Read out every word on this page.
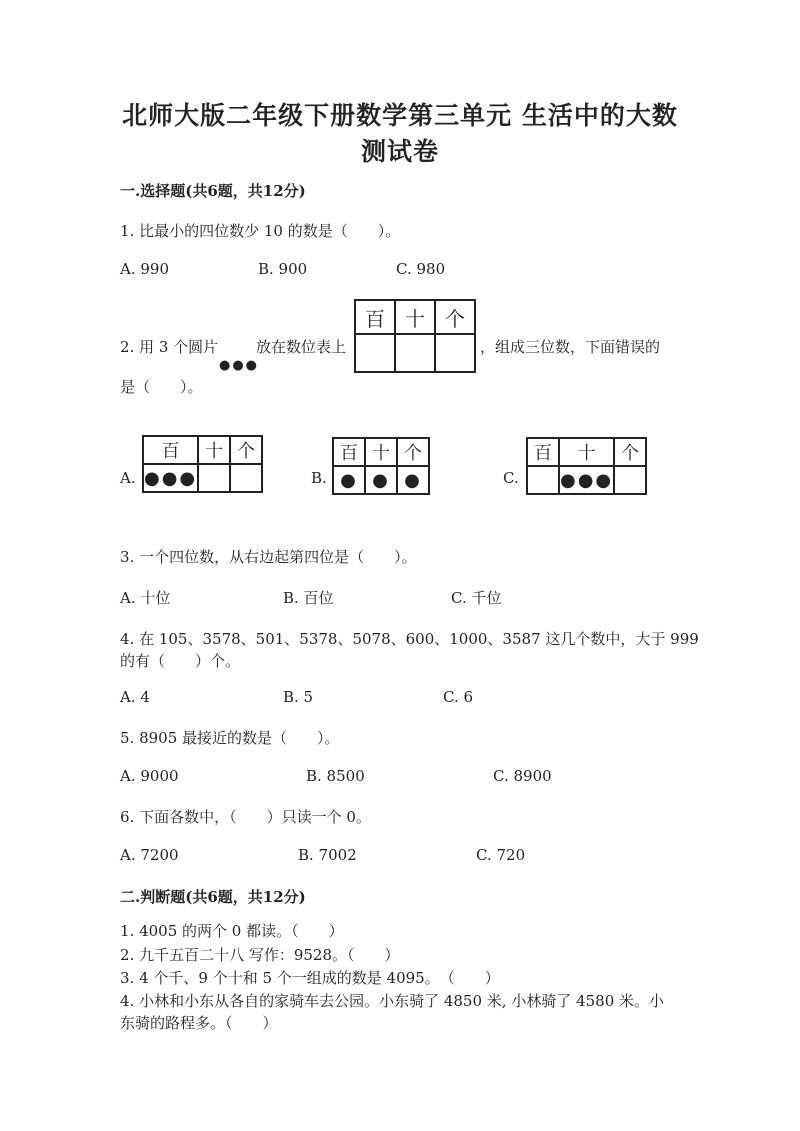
北师大版二年级下册数学第三单元 生活中的大数
测试卷
一.选择题(共6题，共12分)
1. 比最小的四位数少 10 的数是（　　）。
A. 990	B. 900	C. 980
2. 用 3 个圆片
●●●
放在数位表上
百	十	个

，组成三位数，下面错误的
是（　　）。
A.
百	十	个
●●●			B.
百	十	个
●	●	●	C.
百	十	个
	●●●	
3. 一个四位数，从右边起第四位是（　　）。
A. 十位	B. 百位	C. 千位
4. 在 105、3578、501、5378、5078、600、1000、3587 这几个数中，大于 999
的有（　　）个。
A. 4	B. 5	C. 6
5. 8905 最接近的数是（　　）。
A. 9000	B. 8500	C. 8900
6. 下面各数中，（　　）只读一个 0。
A. 7200	B. 7002	C. 720
二.判断题(共6题，共12分)
1. 4005 的两个 0 都读。（　　）
2. 九千五百二十八 写作：9528。（　　）
3. 4 个千、9 个十和 5 个一组成的数是 4095。　（　　）
4. 小林和小东从各自的家骑车去公园。小东骑了 4850 米, 小林骑了 4580 米。小
东骑的路程多。（　　）
